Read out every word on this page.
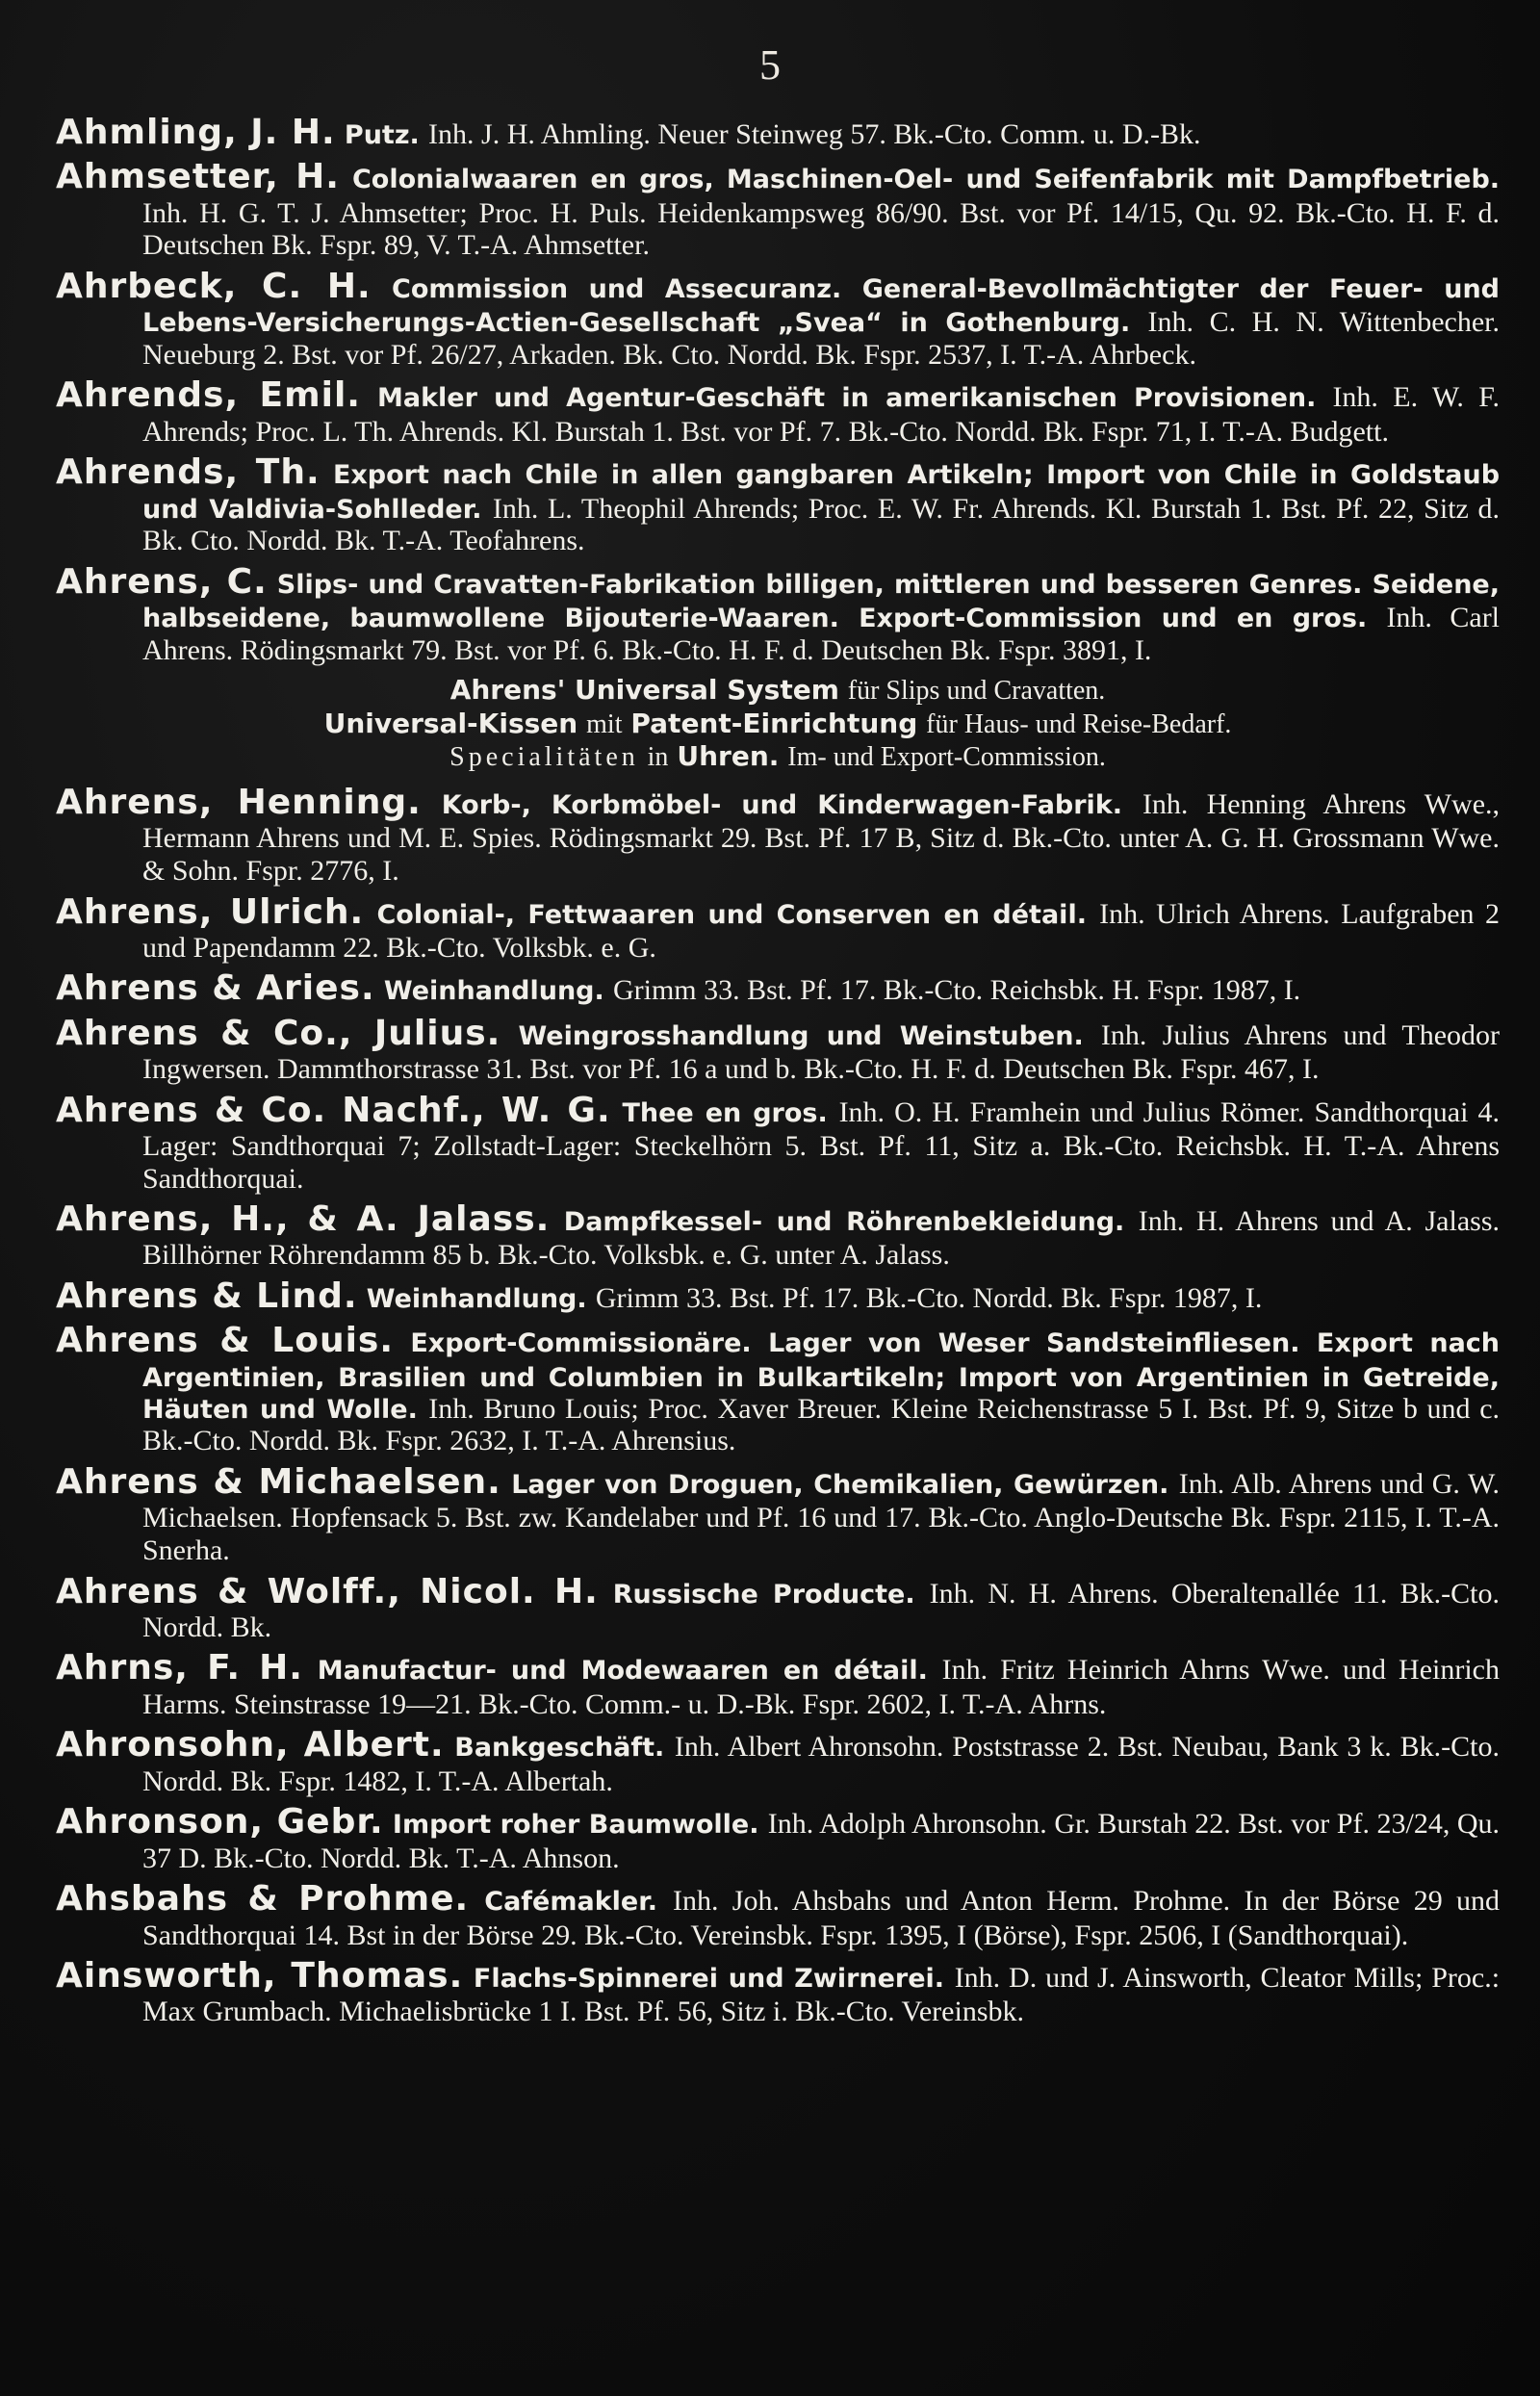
5

Ahmling, J. H. Putz. Inh. J. H. Ahmling. Neuer Steinweg 57. Bk.-Cto. Comm. u. D.-Bk.

Ahmsetter, H. Colonialwaaren en gros, Maschinen-Oel- und Seifenfabrik mit Dampfbetrieb. Inh. H. G. T. J. Ahmsetter; Proc. H. Puls. Heidenkampsweg 86/90. Bst. vor Pf. 14/15, Qu. 92. Bk.-Cto. H. F. d. Deutschen Bk. Fspr. 89, V. T.-A. Ahmsetter.

Ahrbeck, C. H. Commission und Assecuranz. General-Bevollmächtigter der Feuer- und Lebens-Versicherungs-Actien-Gesellschaft „Svea“ in Gothenburg. Inh. C. H. N. Wittenbecher. Neueburg 2. Bst. vor Pf. 26/27, Arkaden. Bk. Cto. Nordd. Bk. Fspr. 2537, I. T.-A. Ahrbeck.

Ahrends, Emil. Makler und Agentur-Geschäft in amerikanischen Provisionen. Inh. E. W. F. Ahrends; Proc. L. Th. Ahrends. Kl. Burstah 1. Bst. vor Pf. 7. Bk.-Cto. Nordd. Bk. Fspr. 71, I. T.-A. Budgett.

Ahrends, Th. Export nach Chile in allen gangbaren Artikeln; Import von Chile in Goldstaub und Valdivia-Sohlleder. Inh. L. Theophil Ahrends; Proc. E. W. Fr. Ahrends. Kl. Burstah 1. Bst. Pf. 22, Sitz d. Bk. Cto. Nordd. Bk. T.-A. Teofahrens.

Ahrens, C. Slips- und Cravatten-Fabrikation billigen, mittleren und besseren Genres. Seidene, halbseidene, baumwollene Bijouterie-Waaren. Export-Commission und en gros. Inh. Carl Ahrens. Rödingsmarkt 79. Bst. vor Pf. 6. Bk.-Cto. H. F. d. Deutschen Bk. Fspr. 3891, I.

Ahrens' Universal System für Slips und Cravatten.
Universal-Kissen mit Patent-Einrichtung für Haus- und Reise-Bedarf.
Specialitäten in Uhren. Im- und Export-Commission.

Ahrens, Henning. Korb-, Korbmöbel- und Kinderwagen-Fabrik. Inh. Henning Ahrens Wwe., Hermann Ahrens und M. E. Spies. Rödingsmarkt 29. Bst. Pf. 17 B, Sitz d. Bk.-Cto. unter A. G. H. Grossmann Wwe. & Sohn. Fspr. 2776, I.

Ahrens, Ulrich. Colonial-, Fettwaaren und Conserven en détail. Inh. Ulrich Ahrens. Laufgraben 2 und Papendamm 22. Bk.-Cto. Volksbk. e. G.

Ahrens & Aries. Weinhandlung. Grimm 33. Bst. Pf. 17. Bk.-Cto. Reichsbk. H. Fspr. 1987, I.

Ahrens & Co., Julius. Weingrosshandlung und Weinstuben. Inh. Julius Ahrens und Theodor Ingwersen. Dammthorstrasse 31. Bst. vor Pf. 16 a und b. Bk.-Cto. H. F. d. Deutschen Bk. Fspr. 467, I.

Ahrens & Co. Nachf., W. G. Thee en gros. Inh. O. H. Framhein und Julius Römer. Sandthorquai 4. Lager: Sandthorquai 7; Zollstadt-Lager: Steckelhörn 5. Bst. Pf. 11, Sitz a. Bk.-Cto. Reichsbk. H. T.-A. Ahrens Sandthorquai.

Ahrens, H., & A. Jalass. Dampfkessel- und Röhrenbekleidung. Inh. H. Ahrens und A. Jalass. Billhörner Röhrendamm 85 b. Bk.-Cto. Volksbk. e. G. unter A. Jalass.

Ahrens & Lind. Weinhandlung. Grimm 33. Bst. Pf. 17. Bk.-Cto. Nordd. Bk. Fspr. 1987, I.

Ahrens & Louis. Export-Commissionäre. Lager von Weser Sandsteinfliesen. Export nach Argentinien, Brasilien und Columbien in Bulkartikeln; Import von Argentinien in Getreide, Häuten und Wolle. Inh. Bruno Louis; Proc. Xaver Breuer. Kleine Reichenstrasse 5 I. Bst. Pf. 9, Sitze b und c. Bk.-Cto. Nordd. Bk. Fspr. 2632, I. T.-A. Ahrensius.

Ahrens & Michaelsen. Lager von Droguen, Chemikalien, Gewürzen. Inh. Alb. Ahrens und G. W. Michaelsen. Hopfensack 5. Bst. zw. Kandelaber und Pf. 16 und 17. Bk.-Cto. Anglo-Deutsche Bk. Fspr. 2115, I. T.-A. Snerha.

Ahrens & Wolff., Nicol. H. Russische Producte. Inh. N. H. Ahrens. Oberaltenallée 11. Bk.-Cto. Nordd. Bk.

Ahrns, F. H. Manufactur- und Modewaaren en détail. Inh. Fritz Heinrich Ahrns Wwe. und Heinrich Harms. Steinstrasse 19—21. Bk.-Cto. Comm.- u. D.-Bk. Fspr. 2602, I. T.-A. Ahrns.

Ahronsohn, Albert. Bankgeschäft. Inh. Albert Ahronsohn. Poststrasse 2. Bst. Neubau, Bank 3 k. Bk.-Cto. Nordd. Bk. Fspr. 1482, I. T.-A. Albertah.

Ahronson, Gebr. Import roher Baumwolle. Inh. Adolph Ahronsohn. Gr. Burstah 22. Bst. vor Pf. 23/24, Qu. 37 D. Bk.-Cto. Nordd. Bk. T.-A. Ahnson.

Ahsbahs & Prohme. Cafémakler. Inh. Joh. Ahsbahs und Anton Herm. Prohme. In der Börse 29 und Sandthorquai 14. Bst in der Börse 29. Bk.-Cto. Vereinsbk. Fspr. 1395, I (Börse), Fspr. 2506, I (Sandthorquai).

Ainsworth, Thomas. Flachs-Spinnerei und Zwirnerei. Inh. D. und J. Ainsworth, Cleator Mills; Proc.: Max Grumbach. Michaelisbrücke 1 I. Bst. Pf. 56, Sitz i. Bk.-Cto. Vereinsbk.
